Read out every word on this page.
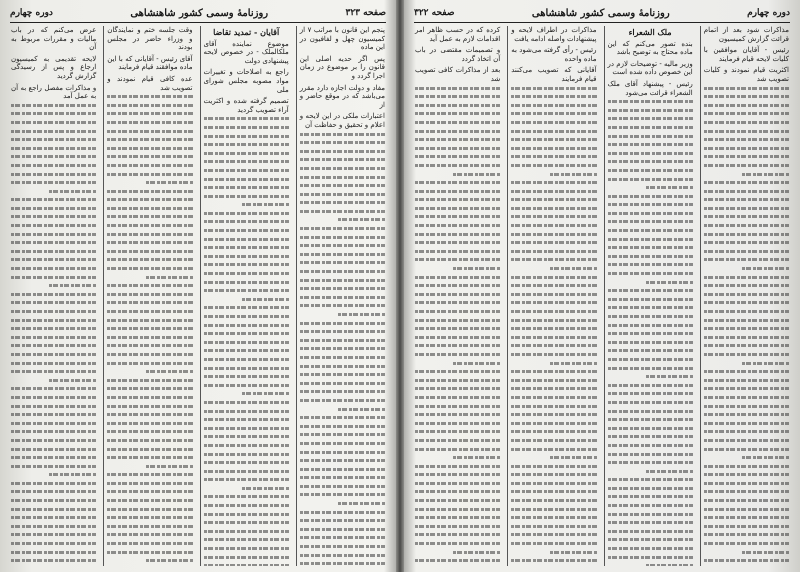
صفحه ۳۲۳
روزنامهٔ وسمی کشور شاهنشاهی
دوره چهارم

پنجم این قانون با مراتب ۷ از کمیسیون چهل و لفافیون در این ماده

پس اگر حدیه اصلی این قانون را بر موضوع در زمان اجرا گردد و

مفاد و دولت اجازه دارد مقرر می‌باشد که در موقع حاضر و از

اعتبارات ملکی در این لایحه و اعلام و تحقیق و حفاظت آن

آقایان - تمدید تقاضا

موضوع نماینده آقای ملکالملک - در خصوص لایحه پیشنهادی دولت

راجع به اصلاحات و تغییرات مواد مصوبه مجلس شورای ملی

تصمیم گرفته شده و اکثریت آراء تصویب گردید

وقت جلسه ختم و نمایندگان و وزراء حاضر در مجلس بودند

آقای رئیس - آقایانی که با این ماده موافقند قیام فرمایند

عده کافی قیام نمودند و تصویب شد

عرض می‌کنم که در باب مالیات و مقررات مربوط به آن

لایحه تقدیمی به کمیسیون ارجاع و پس از رسیدگی گزارش گردید

و مذاکرات مفصل راجع به آن به عمل آمد

دوره چهارم
روزنامهٔ وسمی کشور شاهنشاهی
صفحه ۳۲۲

مذاکرات شود بعد از اتمام قرائت گزارش کمیسیون

رئیس - آقایان موافقین با کلیات لایحه قیام فرمایند

اکثریت قیام نمودند و کلیات تصویب شد

ملک الشعراء

بنده تصور می‌کنم که این ماده محتاج به توضیح باشد

وزیر مالیه - توضیحات لازم در این خصوص داده شده است

رئیس - پیشنهاد آقای ملک الشعراء قرائت می‌شود

مذاکرات در اطراف لایحه و پیشنهادات واصله ادامه یافت

رئیس - رأی گرفته می‌شود به ماده واحده

آقایانی که تصویب می‌کنند قیام فرمایند

کرده که در حسب ظاهر امر اقدامات لازم به عمل آید

و تصمیمات مقتضی در باب آن اتخاذ گردد

بعد از مذاکرات کافی تصویب شد
